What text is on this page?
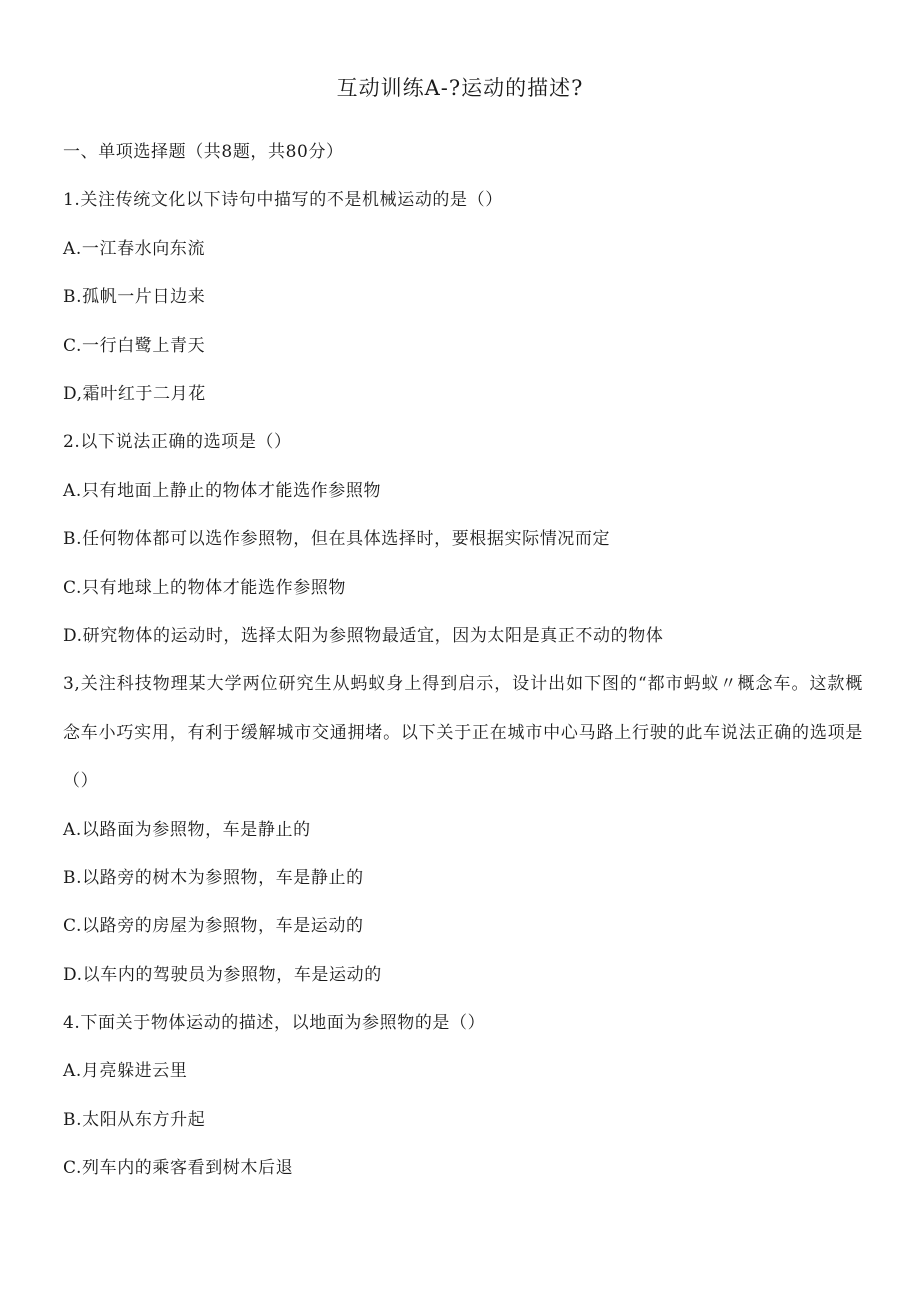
互动训练A-?运动的描述?
一、单项选择题（共8题，共80分）
1.关注传统文化以下诗句中描写的不是机械运动的是（）
A.一江春水向东流
B.孤帆一片日边来
C.一行白鹭上青天
D,霜叶红于二月花
2.以下说法正确的选项是（）
A.只有地面上静止的物体才能选作参照物
B.任何物体都可以选作参照物，但在具体选择时，要根据实际情况而定
C.只有地球上的物体才能选作参照物
D.研究物体的运动时，选择太阳为参照物最适宜，因为太阳是真正不动的物体
3,关注科技物理某大学两位研究生从蚂蚁身上得到启示，设计出如下图的“都市蚂蚁〃概念车。这款概念车小巧实用，有利于缓解城市交通拥堵。以下关于正在城市中心马路上行驶的此车说法正确的选项是（）
A.以路面为参照物，车是静止的
B.以路旁的树木为参照物，车是静止的
C.以路旁的房屋为参照物，车是运动的
D.以车内的驾驶员为参照物，车是运动的
4.下面关于物体运动的描述，以地面为参照物的是（）
A.月亮躲进云里
B.太阳从东方升起
C.列车内的乘客看到树木后退
